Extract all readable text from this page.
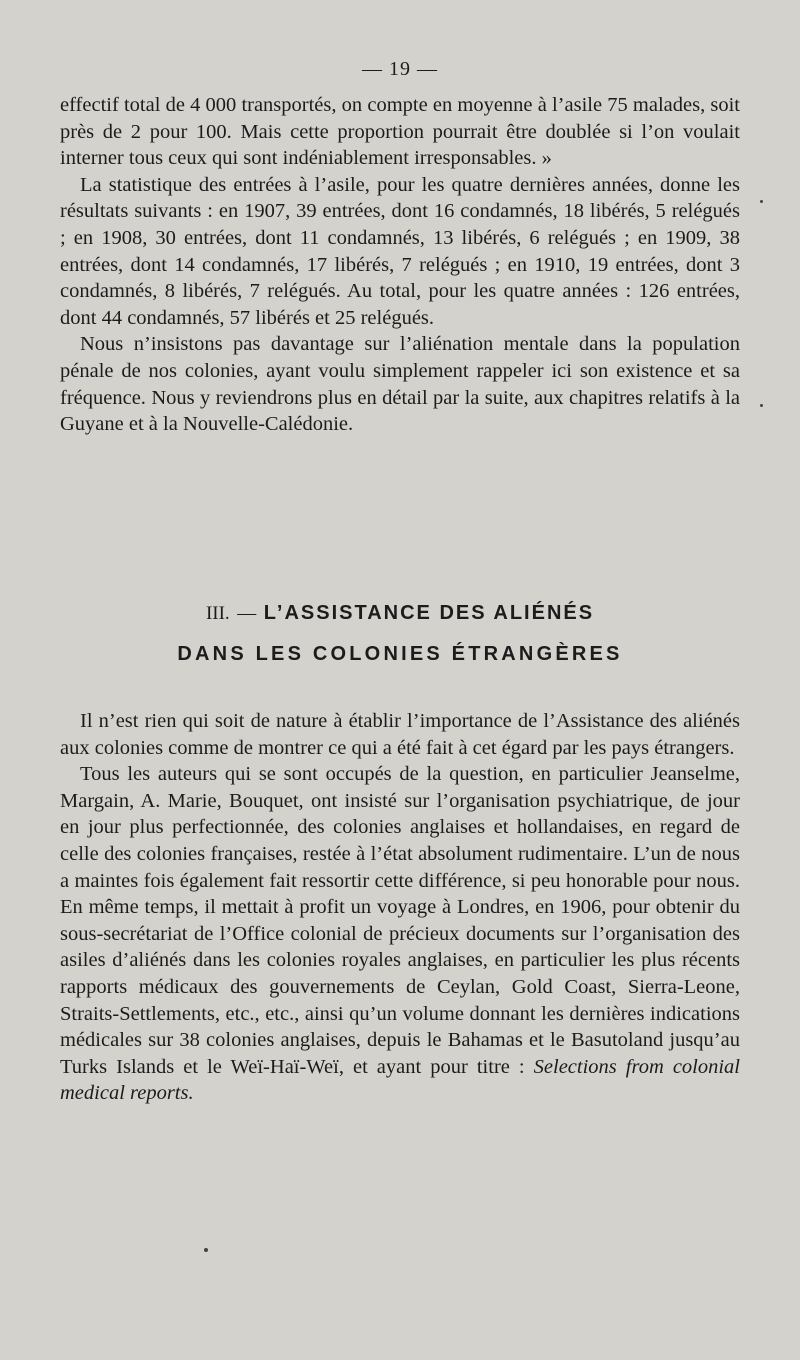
— 19 —

effectif total de 4 000 transportés, on compte en moyenne à l’asile 75 malades, soit près de 2 pour 100. Mais cette proportion pourrait être doublée si l’on voulait interner tous ceux qui sont indéniablement irresponsables. »

La statistique des entrées à l’asile, pour les quatre dernières années, donne les résultats suivants : en 1907, 39 entrées, dont 16 condamnés, 18 libérés, 5 relégués ; en 1908, 30 entrées, dont 11 condamnés, 13 libérés, 6 relégués ; en 1909, 38 entrées, dont 14 condamnés, 17 libérés, 7 relégués ; en 1910, 19 entrées, dont 3 condamnés, 8 libérés, 7 relégués. Au total, pour les quatre années : 126 entrées, dont 44 condamnés, 57 libérés et 25 relégués.

Nous n’insistons pas davantage sur l’aliénation mentale dans la population pénale de nos colonies, ayant voulu simplement rappeler ici son existence et sa fréquence. Nous y reviendrons plus en détail par la suite, aux chapitres relatifs à la Guyane et à la Nouvelle-Calédonie.

III. — L’ASSISTANCE DES ALIÉNÉS
DANS LES COLONIES ÉTRANGÈRES

Il n’est rien qui soit de nature à établir l’importance de l’Assistance des aliénés aux colonies comme de montrer ce qui a été fait à cet égard par les pays étrangers.

Tous les auteurs qui se sont occupés de la question, en particulier Jeanselme, Margain, A. Marie, Bouquet, ont insisté sur l’organisation psychiatrique, de jour en jour plus perfectionnée, des colonies anglaises et hollandaises, en regard de celle des colonies françaises, restée à l’état absolument rudimentaire. L’un de nous a maintes fois également fait ressortir cette différence, si peu honorable pour nous. En même temps, il mettait à profit un voyage à Londres, en 1906, pour obtenir du sous-secrétariat de l’Office colonial de précieux documents sur l’organisation des asiles d’aliénés dans les colonies royales anglaises, en particulier les plus récents rapports médicaux des gouvernements de Ceylan, Gold Coast, Sierra-Leone, Straits-Settlements, etc., etc., ainsi qu’un volume donnant les dernières indications médicales sur 38 colonies anglaises, depuis le Bahamas et le Basutoland jusqu’au Turks Islands et le Weï-Haï-Weï, et ayant pour titre : Selections from colonial medical reports.
